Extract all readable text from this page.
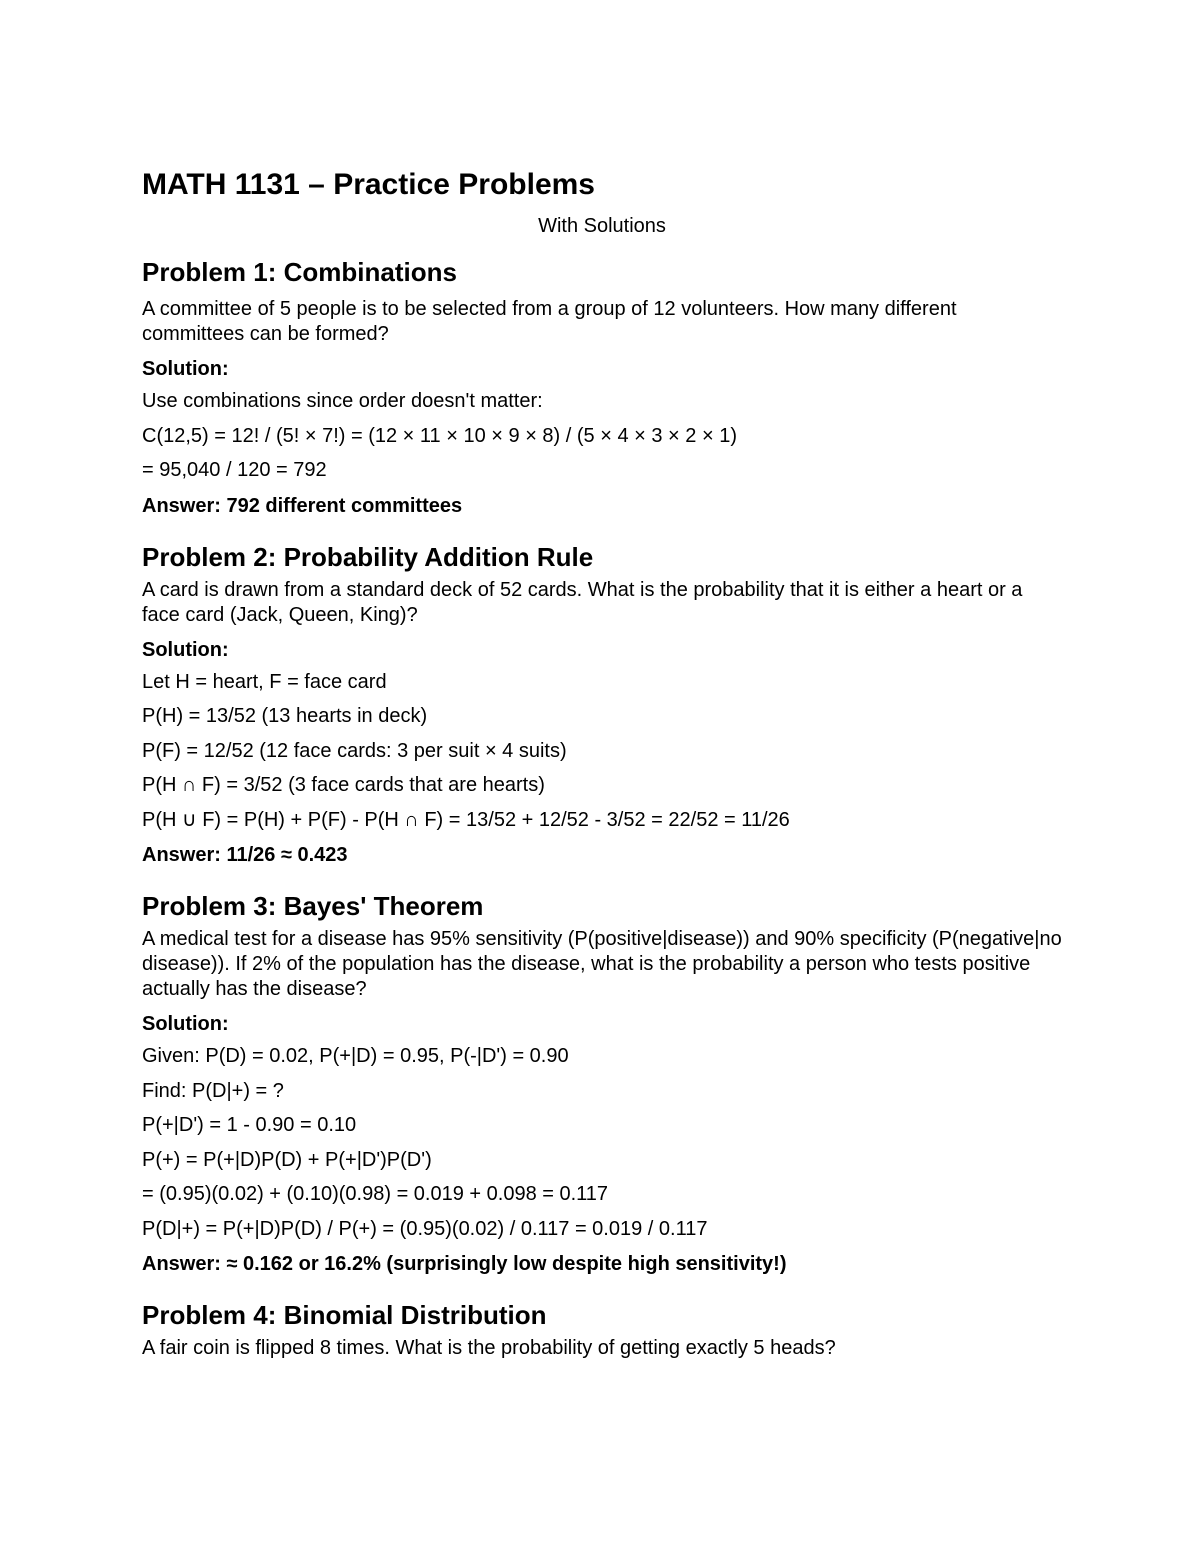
MATH 1131 – Practice Problems

With Solutions

Problem 1: Combinations

A committee of 5 people is to be selected from a group of 12 volunteers. How many different committees can be formed?

Solution:

Use combinations since order doesn't matter:

C(12,5) = 12! / (5! × 7!) = (12 × 11 × 10 × 9 × 8) / (5 × 4 × 3 × 2 × 1)

= 95,040 / 120 = 792

Answer: 792 different committees

Problem 2: Probability Addition Rule

A card is drawn from a standard deck of 52 cards. What is the probability that it is either a heart or a face card (Jack, Queen, King)?

Solution:

Let H = heart, F = face card

P(H) = 13/52 (13 hearts in deck)

P(F) = 12/52 (12 face cards: 3 per suit × 4 suits)

P(H ∩ F) = 3/52 (3 face cards that are hearts)

P(H ∪ F) = P(H) + P(F) - P(H ∩ F) = 13/52 + 12/52 - 3/52 = 22/52 = 11/26

Answer: 11/26 ≈ 0.423

Problem 3: Bayes' Theorem

A medical test for a disease has 95% sensitivity (P(positive|disease)) and 90% specificity (P(negative|no disease)). If 2% of the population has the disease, what is the probability a person who tests positive actually has the disease?

Solution:

Given: P(D) = 0.02, P(+|D) = 0.95, P(-|D') = 0.90

Find: P(D|+) = ?

P(+|D') = 1 - 0.90 = 0.10

P(+) = P(+|D)P(D) + P(+|D')P(D')

= (0.95)(0.02) + (0.10)(0.98) = 0.019 + 0.098 = 0.117

P(D|+) = P(+|D)P(D) / P(+) = (0.95)(0.02) / 0.117 = 0.019 / 0.117

Answer: ≈ 0.162 or 16.2% (surprisingly low despite high sensitivity!)

Problem 4: Binomial Distribution

A fair coin is flipped 8 times. What is the probability of getting exactly 5 heads?
